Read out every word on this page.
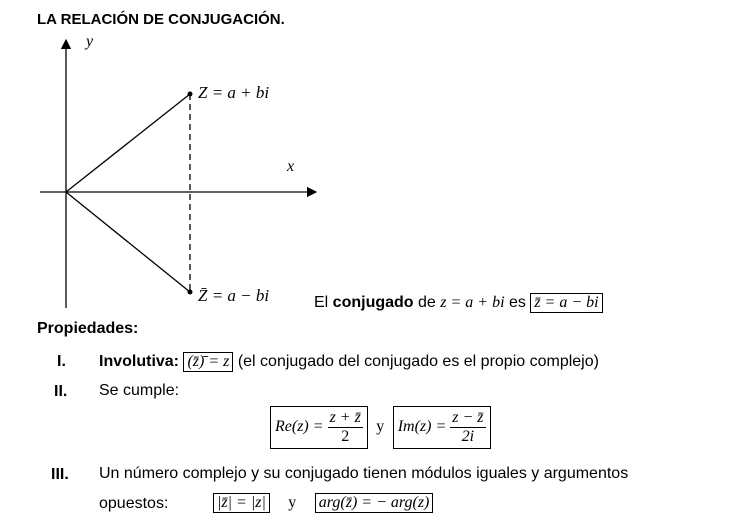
LA RELACIÓN DE CONJUGACIÓN.
y
x
Z = a + bi
Z̄ = a − bi	El conjugado de z = a + bi es z̄ = a − bi
Propiedades:
I. Involutiva: (z̄)̄ = z (el conjugado del conjugado es el propio complejo)
II. Se cumple:
$Re(z) = \frac{z + z̄}{2}$ y $Im(z) = \frac{z - z̄}{2i}$
III. Un número complejo y su conjugado tienen módulos iguales y argumentos
opuestos:	|z̄| = |z| y arg(z̄) = − arg(z)
